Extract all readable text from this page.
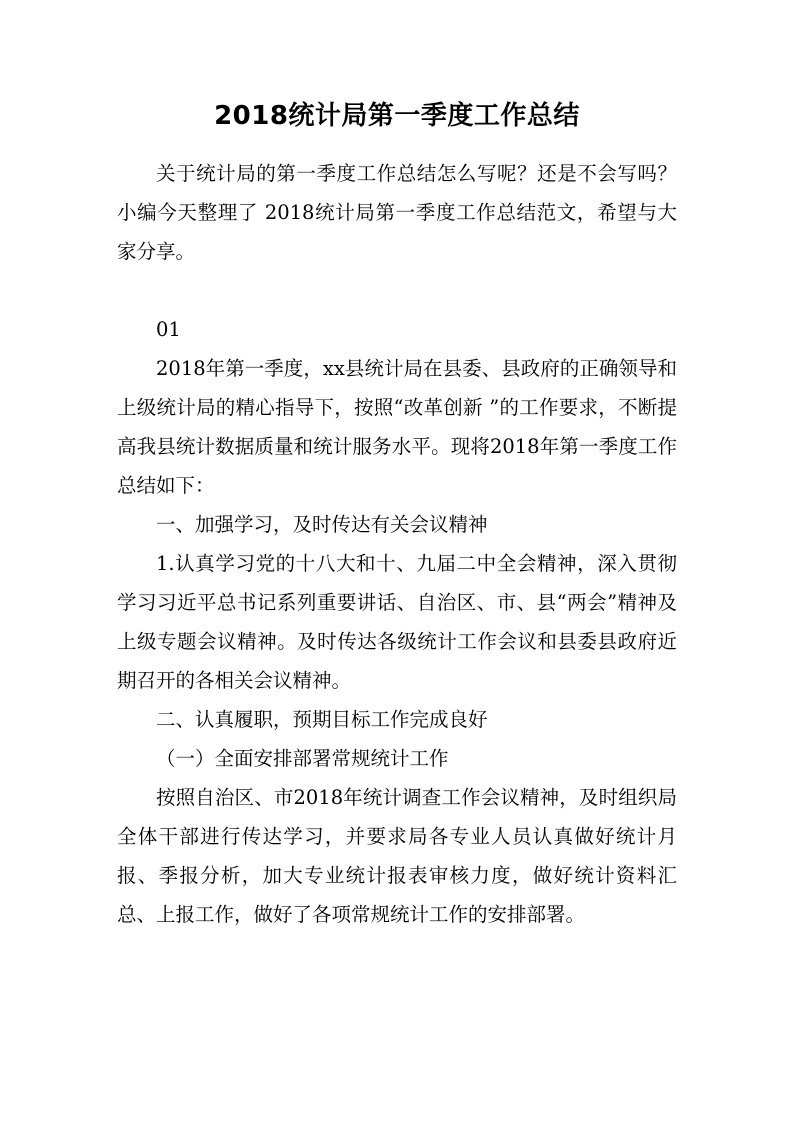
2018统计局第一季度工作总结

关于统计局的第一季度工作总结怎么写呢？还是不会写吗？小编今天整理了 2018统计局第一季度工作总结范文，希望与大家分享。

01

2018年第一季度，xx县统计局在县委、县政府的正确领导和上级统计局的精心指导下，按照“改革创新 ”的工作要求，不断提高我县统计数据质量和统计服务水平。现将2018年第一季度工作总结如下：

一、加强学习，及时传达有关会议精神

1.认真学习党的十八大和十、九届二中全会精神，深入贯彻学习习近平总书记系列重要讲话、自治区、市、县“两会”精神及上级专题会议精神。及时传达各级统计工作会议和县委县政府近期召开的各相关会议精神。

二、认真履职，预期目标工作完成良好

（一）全面安排部署常规统计工作

按照自治区、市2018年统计调查工作会议精神，及时组织局全体干部进行传达学习，并要求局各专业人员认真做好统计月报、季报分析，加大专业统计报表审核力度，做好统计资料汇总、上报工作，做好了各项常规统计工作的安排部署。
